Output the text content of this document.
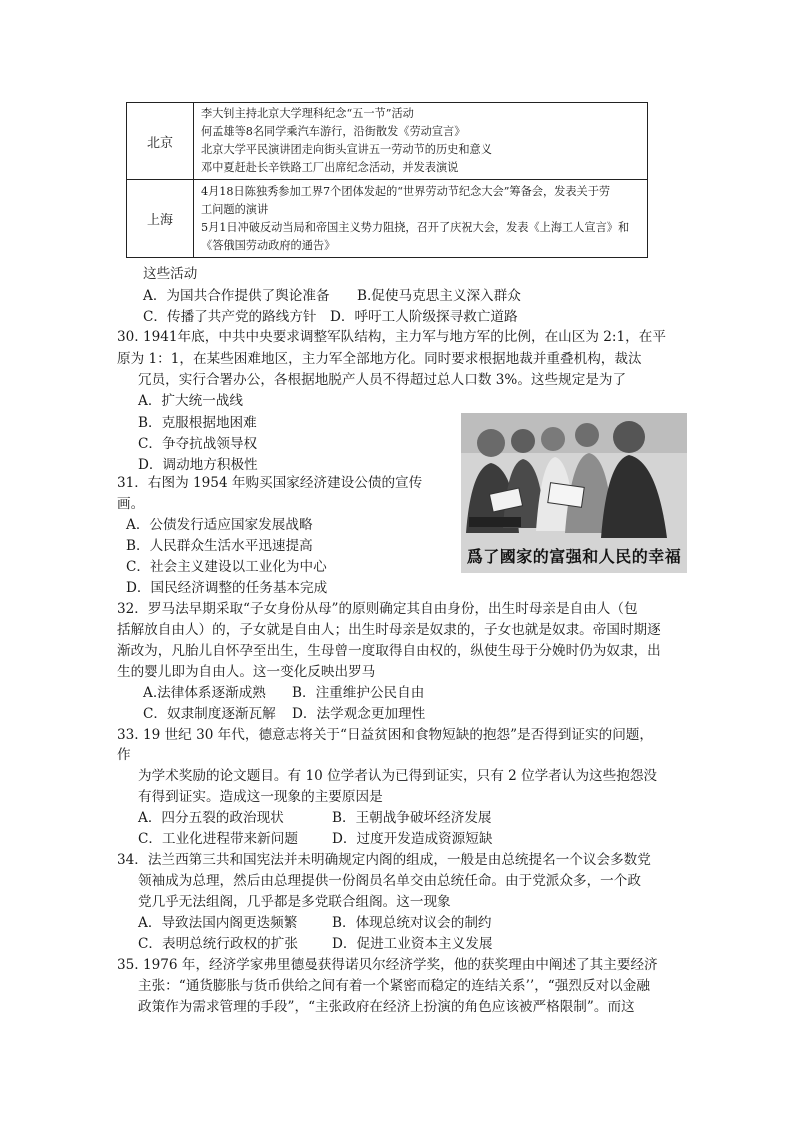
北京
李大钊主持北京大学理科纪念“五一节”活动
何孟雄等8名同学乘汽车游行，沿街散发《劳动宣言》
北京大学平民演讲团走向街头宣讲五一劳动节的历史和意义
邓中夏赶赴长辛铁路工厂出席纪念活动，并发表演说
上海
4月18日陈独秀参加工界7个团体发起的“世界劳动节纪念大会”筹备会，发表关于劳
工问题的演讲
5月1日冲破反动当局和帝国主义势力阻挠，召开了庆祝大会，发表《上海工人宣言》和
《答俄国劳动政府的通告》
这些活动
A．为国共合作提供了舆论准备 B.促使马克思主义深入群众
C．传播了共产党的路线方针 D．呼吁工人阶级探寻救亡道路
30. 1941年底，中共中央要求调整军队结构，主力军与地方军的比例，在山区为 2:1，在平
原为 1：1，在某些困难地区，主力军全部地方化。同时要求根据地裁并重叠机构，裁汰
冗员，实行合署办公，各根据地脱产人员不得超过总人口数 3%。这些规定是为了
A．扩大统一战线
B．克服根据地困难
C．争夺抗战领导权
D．调动地方积极性
爲了國家的富强和人民的幸福
31．右图为 1954 年购买国家经济建设公债的宣传
画。
A．公债发行适应国家发展战略
B．人民群众生活水平迅速提高
C．社会主义建设以工业化为中心
D．国民经济调整的任务基本完成
32．罗马法早期采取“子女身份从母”的原则确定其自由身份，出生时母亲是自由人（包
括解放自由人）的，子女就是自由人；出生时母亲是奴隶的，子女也就是奴隶。帝国时期逐
渐改为，凡胎儿自怀孕至出生，生母曾一度取得自由权的，纵使生母于分娩时仍为奴隶，出
生的婴儿即为自由人。这一变化反映出罗马
A.法律体系逐渐成熟 B．注重维护公民自由
C．奴隶制度逐渐瓦解 D．法学观念更加理性
33. 19 世纪 30 年代，德意志将关于“日益贫困和食物短缺的抱怨”是否得到证实的问题，
作
为学术奖励的论文题目。有 10 位学者认为已得到证实，只有 2 位学者认为这些抱怨没
有得到证实。造成这一现象的主要原因是
A．四分五裂的政治现状	B．王朝战争破坏经济发展
C．工业化进程带来新问题	D．过度开发造成资源短缺
34．法兰西第三共和国宪法并未明确规定内阁的组成，一般是由总统提名一个议会多数党
领袖成为总理，然后由总理提供一份阁员名单交由总统任命。由于党派众多，一个政
党几乎无法组阁，几乎都是多党联合组阁。这一现象
A．导致法国内阁更迭频繁	B．体现总统对议会的制约
C．表明总统行政权的扩张	D．促进工业资本主义发展
35. 1976 年，经济学家弗里德曼获得诺贝尔经济学奖，他的获奖理由中阐述了其主要经济
主张：“通货膨胀与货币供给之间有着一个紧密而稳定的连结关系’’，“强烈反对以金融
政策作为需求管理的手段”，“主张政府在经济上扮演的角色应该被严格限制”。而这
